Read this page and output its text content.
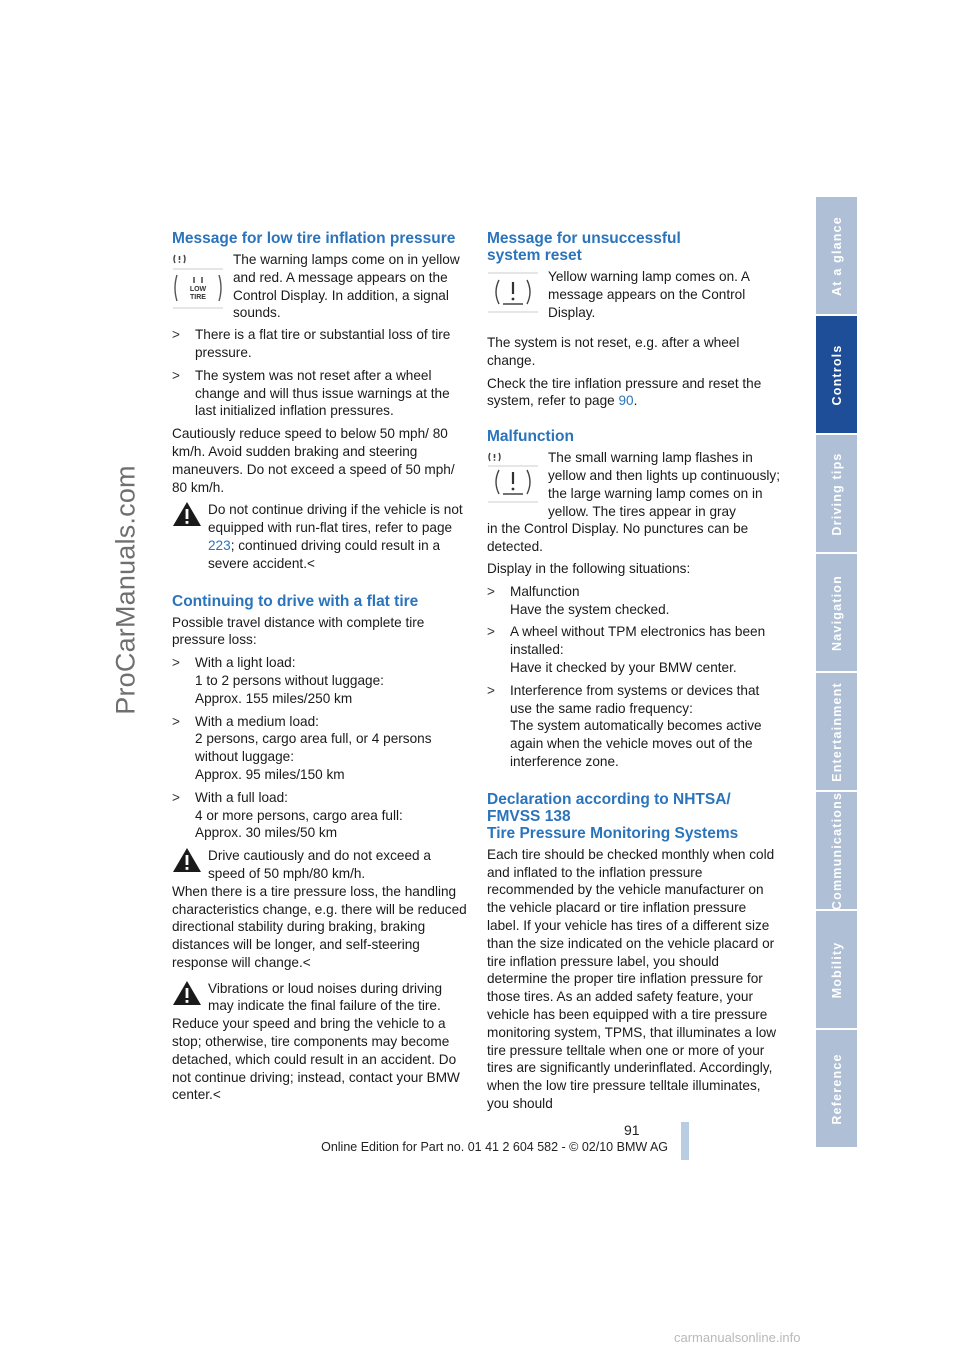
ProCarManuals.com
At a glance
Controls
Driving tips
Navigation
Entertainment
Communications
Mobility
Reference
Message for low tire inflation pressure
LOW
TIRE
The warning lamps come on in yellow and red. A message appears on the Control Display. In addition, a signal sounds.
> There is a flat tire or substantial loss of tire pressure.
> The system was not reset after a wheel change and will thus issue warnings at the last initialized inflation pressures.

Cautiously reduce speed to below 50 mph/ 80 km/h. Avoid sudden braking and steering maneuvers. Do not exceed a speed of 50 mph/ 80 km/h.

Do not continue driving if the vehicle is not equipped with run-flat tires, refer to page 223; continued driving could result in a severe accident.<
Continuing to drive with a flat tire

Possible travel distance with complete tire pressure loss:

> With a light load:
1 to 2 persons without luggage:
Approx. 155 miles/250 km
> With a medium load:
2 persons, cargo area full, or 4 persons without luggage:
Approx. 95 miles/150 km
> With a full load:
4 or more persons, cargo area full:
Approx. 30 miles/50 km
Drive cautiously and do not exceed a speed of 50 mph/80 km/h.
When there is a tire pressure loss, the handling characteristics change, e.g. there will be reduced directional stability during braking, braking distances will be longer, and self-steering response will change.<
Vibrations or loud noises during driving may indicate the final failure of the tire.
Reduce your speed and bring the vehicle to a stop; otherwise, tire components may become detached, which could result in an accident. Do not continue driving; instead, contact your BMW center.<
Message for unsuccessful system reset
Yellow warning lamp comes on. A message appears on the Control Display.

The system is not reset, e.g. after a wheel change.

Check the tire inflation pressure and reset the system, refer to page 90.

Malfunction
The small warning lamp flashes in yellow and then lights up continuously; the large warning lamp comes on in yellow. The tires appear in gray
in the Control Display. No punctures can be detected.

Display in the following situations:

> Malfunction
Have the system checked.
> A wheel without TPM electronics has been installed:
Have it checked by your BMW center.
> Interference from systems or devices that use the same radio frequency:
The system automatically becomes active again when the vehicle moves out of the interference zone.
Declaration according to NHTSA/ FMVSS 138
Tire Pressure Monitoring Systems

Each tire should be checked monthly when cold and inflated to the inflation pressure recommended by the vehicle manufacturer on the vehicle placard or tire inflation pressure label. If your vehicle has tires of a different size than the size indicated on the vehicle placard or tire inflation pressure label, you should determine the proper tire inflation pressure for those tires. As an added safety feature, your vehicle has been equipped with a tire pressure monitoring system, TPMS, that illuminates a low tire pressure telltale when one or more of your tires are significantly underinflated. Accordingly, when the low tire pressure telltale illuminates, you should

91
Online Edition for Part no. 01 41 2 604 582 - © 02/10 BMW AG
carmanualsonline.info
